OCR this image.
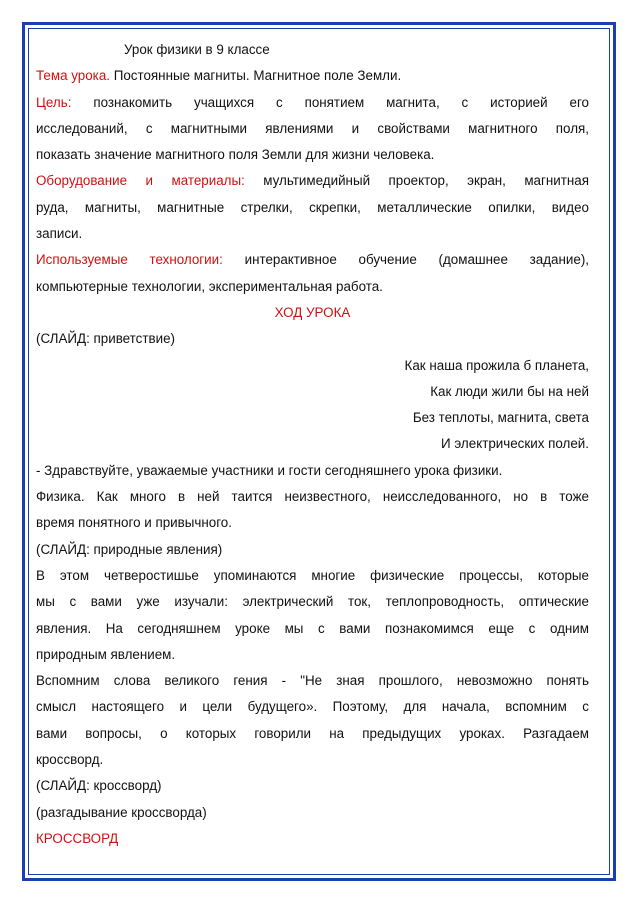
Урок физики в 9 классе
Тема урока. Постоянные магниты. Магнитное поле Земли.
Цель: познакомить учащихся с понятием магнита, с историей его
исследований, с магнитными явлениями и свойствами магнитного поля,
показать значение магнитного поля Земли для жизни человека.
Оборудование и материалы: мультимедийный проектор, экран, магнитная
руда, магниты, магнитные стрелки, скрепки, металлические опилки, видео
записи.
Используемые технологии: интерактивное обучение (домашнее задание),
компьютерные технологии, экспериментальная работа.
ХОД УРОКА
(СЛАЙД: приветствие)
Как наша прожила б планета,
Как люди жили бы на ней
Без теплоты, магнита, света
И электрических полей.
- Здравствуйте, уважаемые участники и гости сегодняшнего урока физики.
Физика. Как много в ней таится неизвестного, неисследованного, но в тоже
время понятного и привычного.
(СЛАЙД: природные явления)
В этом четверостишье упоминаются многие физические процессы, которые
мы с вами уже изучали: электрический ток, теплопроводность, оптические
явления. На сегодняшнем уроке мы с вами познакомимся еще с одним
природным явлением.
Вспомним слова великого гения - "Не зная прошлого, невозможно понять
смысл настоящего и цели будущего». Поэтому, для начала, вспомним с
вами вопросы, о которых говорили на предыдущих уроках. Разгадаем
кроссворд.
(СЛАЙД: кроссворд)
(разгадывание кроссворда)
КРОССВОРД
